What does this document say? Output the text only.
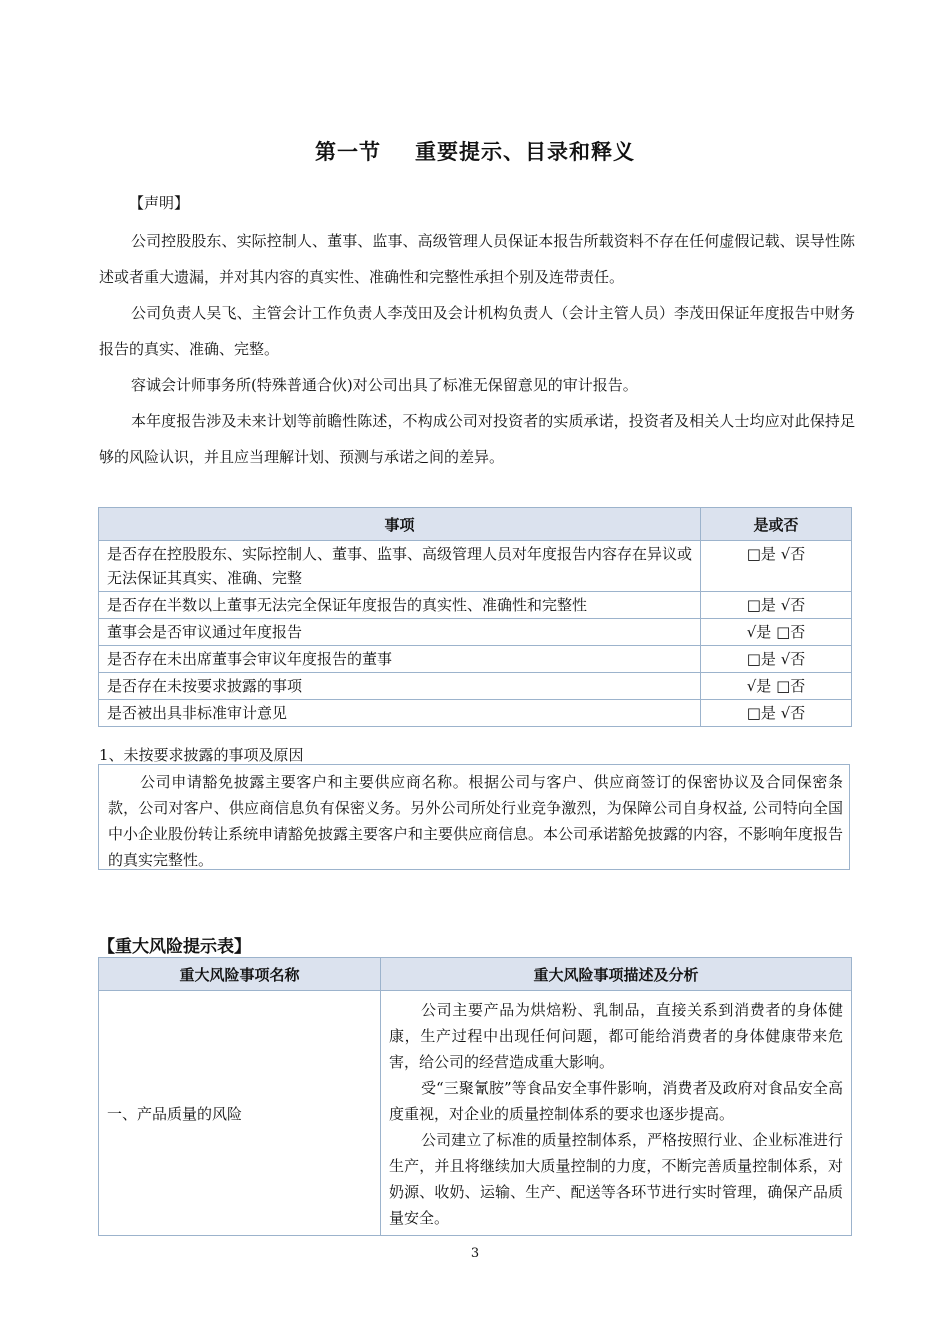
第一节 重要提示、目录和释义
【声明】

公司控股股东、实际控制人、董事、监事、高级管理人员保证本报告所载资料不存在任何虚假记载、误导性陈述或者重大遗漏，并对其内容的真实性、准确性和完整性承担个别及连带责任。

公司负责人吴飞、主管会计工作负责人李茂田及会计机构负责人（会计主管人员）李茂田保证年度报告中财务报告的真实、准确、完整。

容诚会计师事务所(特殊普通合伙)对公司出具了标准无保留意见的审计报告。

本年度报告涉及未来计划等前瞻性陈述，不构成公司对投资者的实质承诺，投资者及相关人士均应对此保持足够的风险认识，并且应当理解计划、预测与承诺之间的差异。

事项	是或否
是否存在控股股东、实际控制人、董事、监事、高级管理人员对年度报告内容存在异议或无法保证其真实、准确、完整	□是 √否
是否存在半数以上董事无法完全保证年度报告的真实性、准确性和完整性	□是 √否
董事会是否审议通过年度报告	√是 □否
是否存在未出席董事会审议年度报告的董事	□是 √否
是否存在未按要求披露的事项	√是 □否
是否被出具非标准审计意见	□是 √否
1、未按要求披露的事项及原因
公司申请豁免披露主要客户和主要供应商名称。根据公司与客户、供应商签订的保密协议及合同保密条款，公司对客户、供应商信息负有保密义务。另外公司所处行业竞争激烈，为保障公司自身权益, 公司特向全国中小企业股份转让系统申请豁免披露主要客户和主要供应商信息。本公司承诺豁免披露的内容，不影响年度报告的真实完整性。
【重大风险提示表】
重大风险事项名称	重大风险事项描述及分析
一、产品质量的风险	公司主要产品为烘焙粉、乳制品，直接关系到消费者的身体健康，生产过程中出现任何问题，都可能给消费者的身体健康带来危害，给公司的经营造成重大影响。

受“三聚氰胺”等食品安全事件影响，消费者及政府对食品安全高度重视，对企业的质量控制体系的要求也逐步提高。

公司建立了标准的质量控制体系，严格按照行业、企业标准进行生产，并且将继续加大质量控制的力度，不断完善质量控制体系，对奶源、收奶、运输、生产、配送等各环节进行实时管理，确保产品质量安全。

3
